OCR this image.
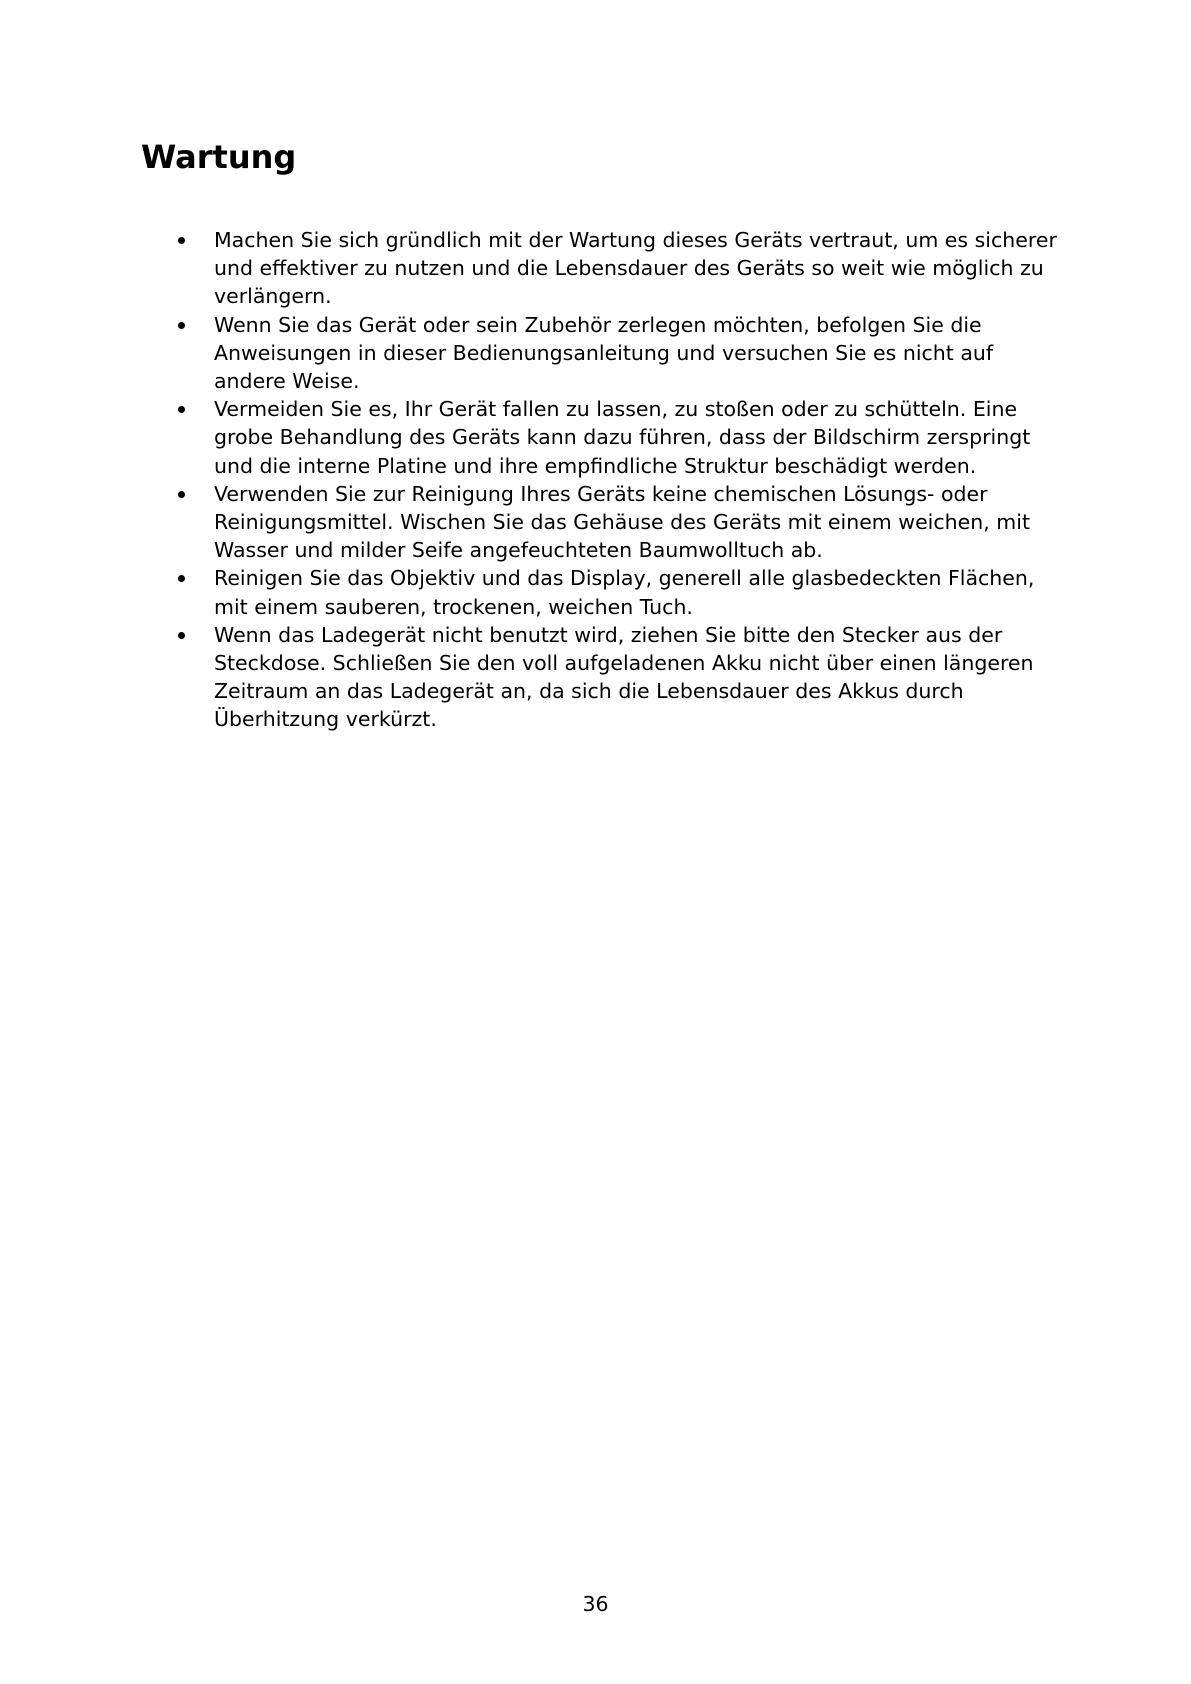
Wartung
Machen Sie sich gründlich mit der Wartung dieses Geräts vertraut, um es sicherer und effektiver zu nutzen und die Lebensdauer des Geräts so weit wie möglich zu verlängern.
Wenn Sie das Gerät oder sein Zubehör zerlegen möchten, befolgen Sie die Anweisungen in dieser Bedienungsanleitung und versuchen Sie es nicht auf andere Weise.
Vermeiden Sie es, Ihr Gerät fallen zu lassen, zu stoßen oder zu schütteln. Eine grobe Behandlung des Geräts kann dazu führen, dass der Bildschirm zerspringt und die interne Platine und ihre empfindliche Struktur beschädigt werden.
Verwenden Sie zur Reinigung Ihres Geräts keine chemischen Lösungs- oder Reinigungsmittel. Wischen Sie das Gehäuse des Geräts mit einem weichen, mit Wasser und milder Seife angefeuchteten Baumwolltuch ab.
Reinigen Sie das Objektiv und das Display, generell alle glasbedeckten Flächen, mit einem sauberen, trockenen, weichen Tuch.
Wenn das Ladegerät nicht benutzt wird, ziehen Sie bitte den Stecker aus der Steckdose. Schließen Sie den voll aufgeladenen Akku nicht über einen längeren Zeitraum an das Ladegerät an, da sich die Lebensdauer des Akkus durch Überhitzung verkürzt.
36
